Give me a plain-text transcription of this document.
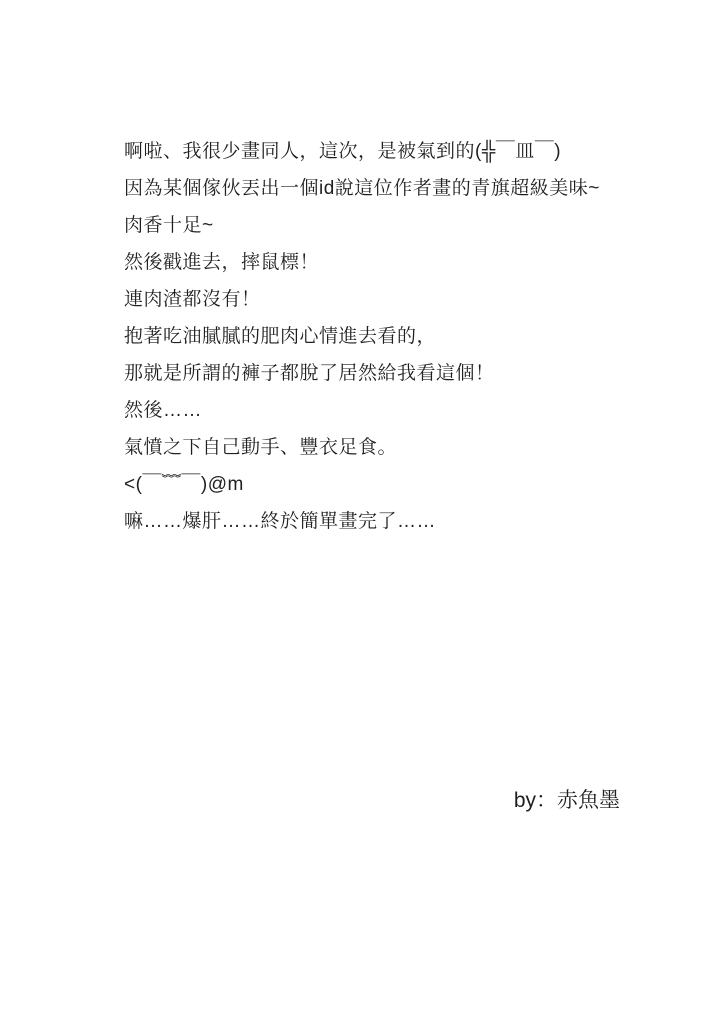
啊啦、我很少畫同人，這次，是被氣到的(╬￣皿￣)
因為某個傢伙丟出一個id說這位作者畫的青旗超級美味~
肉香十足~
然後戳進去，摔鼠標！
連肉渣都沒有！
抱著吃油膩膩的肥肉心情進去看的，
那就是所謂的褲子都脫了居然給我看這個！
然後……
氣憤之下自己動手、豐衣足食。
<(￣﹌￣)@m
嘛……爆肝……終於簡單畫完了……
by：赤魚墨
